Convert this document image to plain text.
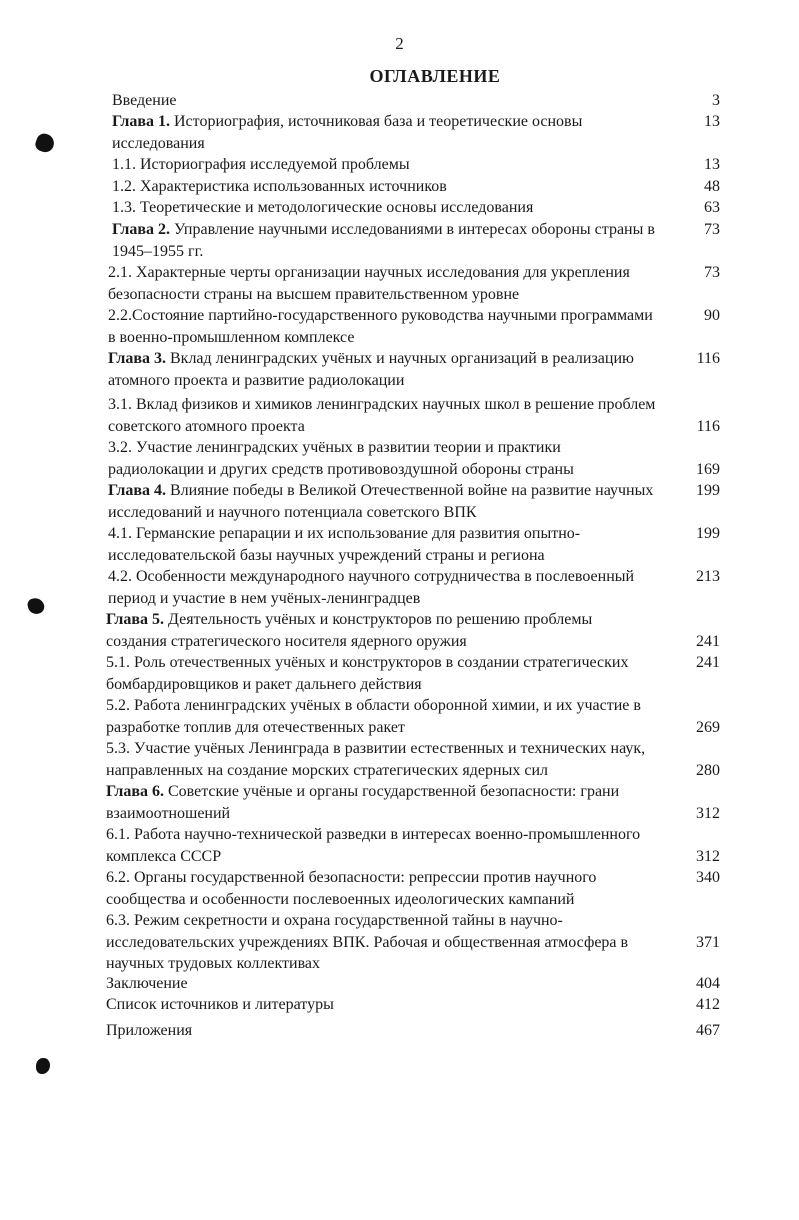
2
ОГЛАВЛЕНИЕ
Введение	3
Глава 1. Историография, источниковая база и теоретические основы исследования
13
1.1. Историография исследуемой проблемы	13
1.2. Характеристика использованных источников	48
1.3. Теоретические и методологические основы исследования	63
Глава 2. Управление научными исследованиями в интересах обороны страны в 1945–1955 гг.
73
2.1. Характерные черты организации научных исследования для укрепления безопасности страны на высшем правительственном уровне
73
2.2.Состояние партийно-государственного руководства научными программами в военно-промышленном комплексе
90
Глава 3. Вклад ленинградских учёных и научных организаций в реализацию атомного проекта и развитие радиолокации
116
3.1. Вклад физиков и химиков ленинградских научных школ в решение проблем советского атомного проекта	116
3.2. Участие ленинградских учёных в развитии теории и практики радиолокации и других средств противовоздушной обороны страны	169
Глава 4. Влияние победы в Великой Отечественной войне на развитие научных исследований и научного потенциала советского ВПК
199
4.1. Германские репарации и их использование для развития опытно-исследовательской базы научных учреждений страны и региона
199
4.2. Особенности международного научного сотрудничества в послевоенный период и участие в нем учёных-ленинградцев
213
Глава 5. Деятельность учёных и конструкторов по решению проблемы создания стратегического носителя ядерного оружия	241
5.1. Роль отечественных учёных и конструкторов в создании стратегических бомбардировщиков и ракет дальнего действия
241
5.2. Работа ленинградских учёных в области оборонной химии, и их участие в разработке топлив для отечественных ракет	269
5.3. Участие учёных Ленинграда в развитии естественных и технических наук, направленных на создание морских стратегических ядерных сил	280
Глава 6. Советские учёные и органы государственной безопасности: грани взаимоотношений	312
6.1. Работа научно-технической разведки в интересах военно-промышленного комплекса СССР	312
6.2. Органы государственной безопасности: репрессии против научного сообщества и особенности послевоенных идеологических кампаний
340
6.3. Режим секретности и охрана государственной тайны в научно-исследовательских учреждениях ВПК. Рабочая и общественная атмосфера в научных трудовых коллективах
371
Заключение	404
Список источников и литературы	412
Приложения	467
